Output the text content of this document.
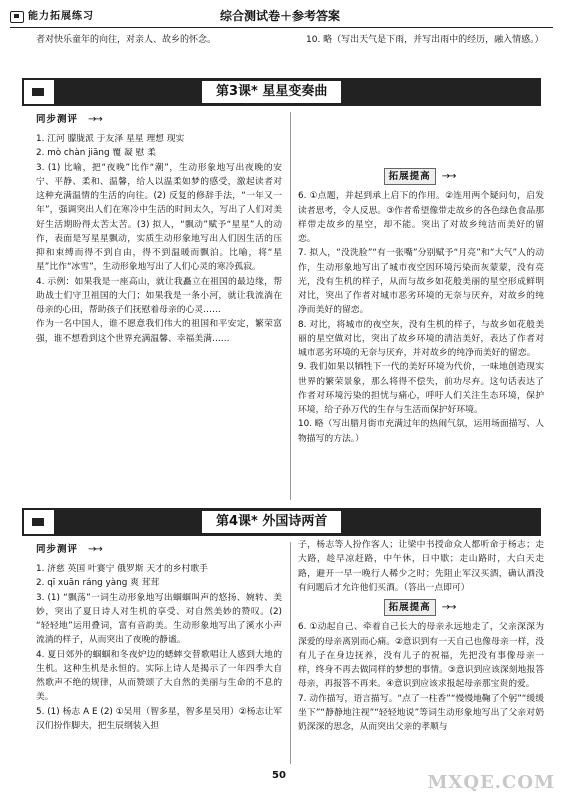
能力拓展练习	综合测试卷＋参考答案
者对快乐童年的向往，对亲人、故乡的怀念。	10. 略（写出天气是下雨，并写出雨中的经历，融入情感。）
第3课* 星星变奏曲
同步测评	→→

1. 江河 朦胧派 于友泽 星星 理想 现实

2. mò chàn jiāng 覆 凝 慰 柔

3. (1) 比喻，把“夜晚”比作“潮”，生动形象地写出夜晚的安宁、平静、柔和、温馨，给人以温柔如梦的感受，激起读者对这种充满温情的生活的向往。(2) 反复的修辞手法，“一年又一年”，强调突出人们在寒冷中生活的时间太久，写出了人们对美好生活期盼得太苦太苦。(3) 拟人，“飘动”赋予“星星”人的动作，表面是写星星飘动，实质生动形象地写出人们因生活的压抑和束缚而得不到自由，得不到温暖而飘泊。比喻，将“星星”比作“冰雪”，生动形象地写出了人们心灵的寒冷孤寂。

4. 示例：如果我是一座高山，就让我矗立在祖国的最边缘，帮助战士们守卫祖国的大门；如果我是一条小河，就让我流淌在母亲的心田，帮助孩子们抚慰着母亲的心灵……

作为一名中国人，谁不愿意我们伟大的祖国和平安定，繁荣富强，谁不想看到这个世界充满温馨、幸福美满……

拓展提高	→→

6. ①点题，并起到承上启下的作用。②连用两个疑问句，启发读者思考，令人反思。③作者希望像带走故乡的各色绿色食品那样带走故乡的星空，却不能。突出了对故乡纯洁而美好的留恋。

7. 拟人，“没洗脸”“有一张嘴”分别赋予“月亮”和“大气”人的动作，生动形象地写出了城市夜空因环境污染而灰蒙蒙，没有亮光，没有生机的样子，从而与故乡如花般美丽的星空形成鲜明对比，突出了作者对城市恶劣环境的无奈与厌弃，对故乡的纯净而美好的留恋。

8. 对比，将城市的夜空灰，没有生机的样子，与故乡如花般美丽的星空做对比，突出了故乡环境的清洁美好，表达了作者对城市恶劣环境的无奈与厌弃，并对故乡的纯净而美好的留恋。

9. 我们如果以牺牲下一代的美好环境为代价，一味地创造现实世界的繁荣景象，那么将得不偿失，前功尽弃。这句话表达了作者对环境污染的担忧与痛心，呼吁人们关注生态环境，保护环境，给子孙万代的生存与生活而保护好环境。

10. 略（写出腊月街市充满过年的热闹气氛，运用场面描写、人物描写的方法。）

第4课* 外国诗两首
同步测评	→→

1. 济慈 英国 叶赛宁 俄罗斯 天才的乡村歌手

2. qī xuān ráng yàng 爽 茸茸

3. (1) “飘荡”一词生动形象地写出蝈蝈叫声的悠扬、婉转、美妙，突出了夏日诗人对生机的享受、对自然美妙的赞叹。(2) “轻轻地”运用叠词，富有音韵美。生动形象地写出了溪水小声流淌的样子，从而突出了夜晚的静谧。

4. 夏日郊外的蝈蝈和冬夜炉边的蟋蟀交替歌唱让人感到大地的生机。这种生机是永恒的。实际上诗人是揭示了一年四季大自然歌声不绝的规律，从而赞颂了大自然的美丽与生命的不息的美。

5. (1) 杨志 A E (2) ①吴用（智多星，智多星吴用）②杨志让军汉们扮作脚夫，把生辰纲装入担

子，杨志等人扮作客人；让梁中书授命众人都听命于杨志；走大路，趁早凉赶路，中午休，日中歇；走山路时，大白天走路，避开一早一晚行人稀少之时；先阻止军汉买酒，确认酒没有问题后才允许他们买酒。（答出一点即可）

拓展提高	→→

6. ①动起自己、牵着自己长大的母亲永远地走了，父亲深深为深爱的母亲离别而心痛。②意识到有一天自己也像母亲一样，没有儿子在身边抚养，没有儿子的祝福，先把没有事像母亲一样，终身不再去做同样的梦想的事情。③意识到应该深刻地报答母亲，再报答不再来。④意识到应该求报起母亲那宝贵的爱。

7. 动作描写，语言描写。“点了一柱香”“慢慢地鞠了个躬”“缓缓坐下”“静静地注视”“轻轻地说”等词生动形象地写出了父亲对奶奶深深的思念，从而突出父亲的孝顺与

50	MXQE.COM
